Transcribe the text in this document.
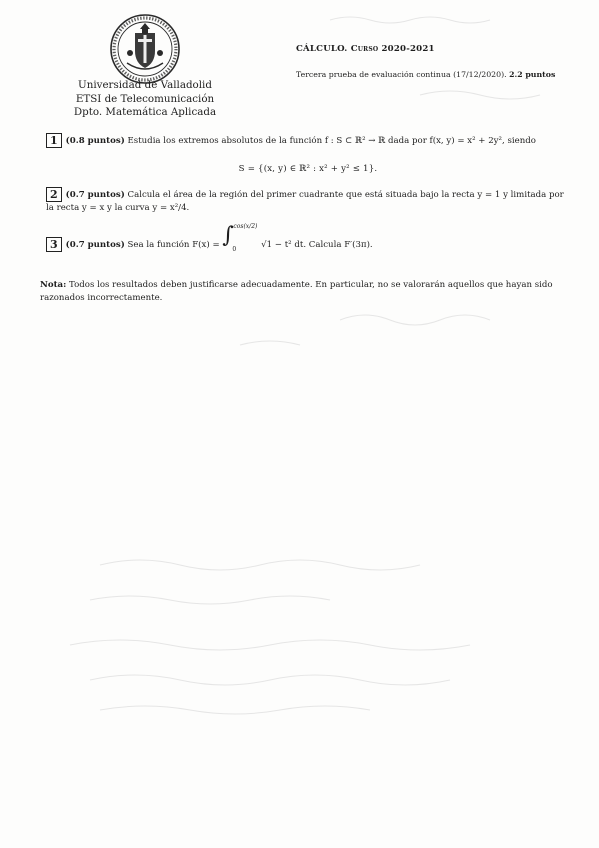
Universidad de Valladolid
ETSI de Telecomunicación
Dpto. Matemática Aplicada
CÁLCULO. Curso 2020-2021
Tercera prueba de evaluación continua (17/12/2020). 2.2 puntos
1 (0.8 puntos) Estudia los extremos absolutos de la función f : S ⊂ ℝ² → ℝ dada por f(x, y) = x² + 2y², siendo
S = {(x, y) ∈ ℝ² : x² + y² ≤ 1}.
2 (0.7 puntos) Calcula el área de la región del primer cuadrante que está situada bajo la recta y = 1 y limitada por la recta y = x y la curva y = x²/4.
3 (0.7 puntos) Sea la función F(x) = ∫ cos(x/2)
0	√1 − t² dt. Calcula F′(3π).
Nota: Todos los resultados deben justificarse adecuadamente. En particular, no se valorarán aquellos que hayan sido razonados incorrectamente.
